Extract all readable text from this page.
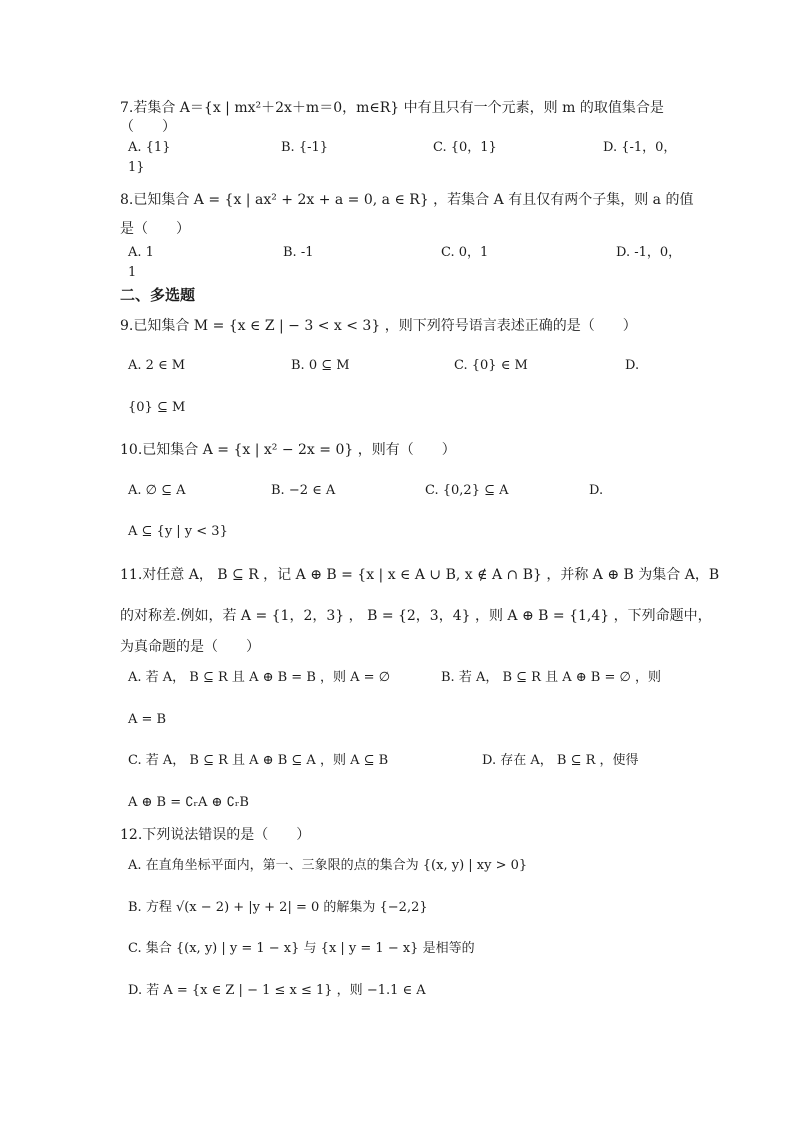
7.若集合 A＝{x | mx²＋2x＋m＝0，m∈R} 中有且只有一个元素，则 m 的取值集合是
（　　）
A. {1}	B. {-1}	C. {0，1}	D. {-1，0，
1}
8.已知集合 A = {x | ax² + 2x + a = 0, a ∈ R} ，若集合 A 有且仅有两个子集，则 a 的值
是（　　）
A. 1	B. -1	C. 0，1	D. -1，0，
1
二、多选题
9.已知集合 M = {x ∈ Z | − 3 < x < 3} ，则下列符号语言表述正确的是（　　）
A. 2 ∈ M	B. 0 ⊆ M	C. {0} ∈ M	D.
{0} ⊆ M
10.已知集合 A = {x | x² − 2x = 0} ，则有（　　）
A. ∅ ⊆ A	B. −2 ∈ A	C. {0,2} ⊆ A	D.
A ⊆ {y | y < 3}
11.对任意 A， B ⊆ R ，记 A ⊕ B = {x | x ∈ A ∪ B, x ∉ A ∩ B} ，并称 A ⊕ B 为集合 A，B
的对称差.例如，若 A = {1，2，3} ， B = {2，3，4} ，则 A ⊕ B = {1,4} ，下列命题中，
为真命题的是（　　）
A. 若 A， B ⊆ R 且 A ⊕ B = B ，则 A = ∅	B. 若 A， B ⊆ R 且 A ⊕ B = ∅ ，则
A = B
C. 若 A， B ⊆ R 且 A ⊕ B ⊆ A ，则 A ⊆ B	D. 存在 A， B ⊆ R ，使得
A ⊕ B = ∁ᵣA ⊕ ∁ᵣB
12.下列说法错误的是（　　）
A. 在直角坐标平面内，第一、三象限的点的集合为 {(x, y) | xy > 0}
B. 方程 √(x − 2) + |y + 2| = 0 的解集为 {−2,2}
C. 集合 {(x, y) | y = 1 − x} 与 {x | y = 1 − x} 是相等的
D. 若 A = {x ∈ Z | − 1 ≤ x ≤ 1} ，则 −1.1 ∈ A
